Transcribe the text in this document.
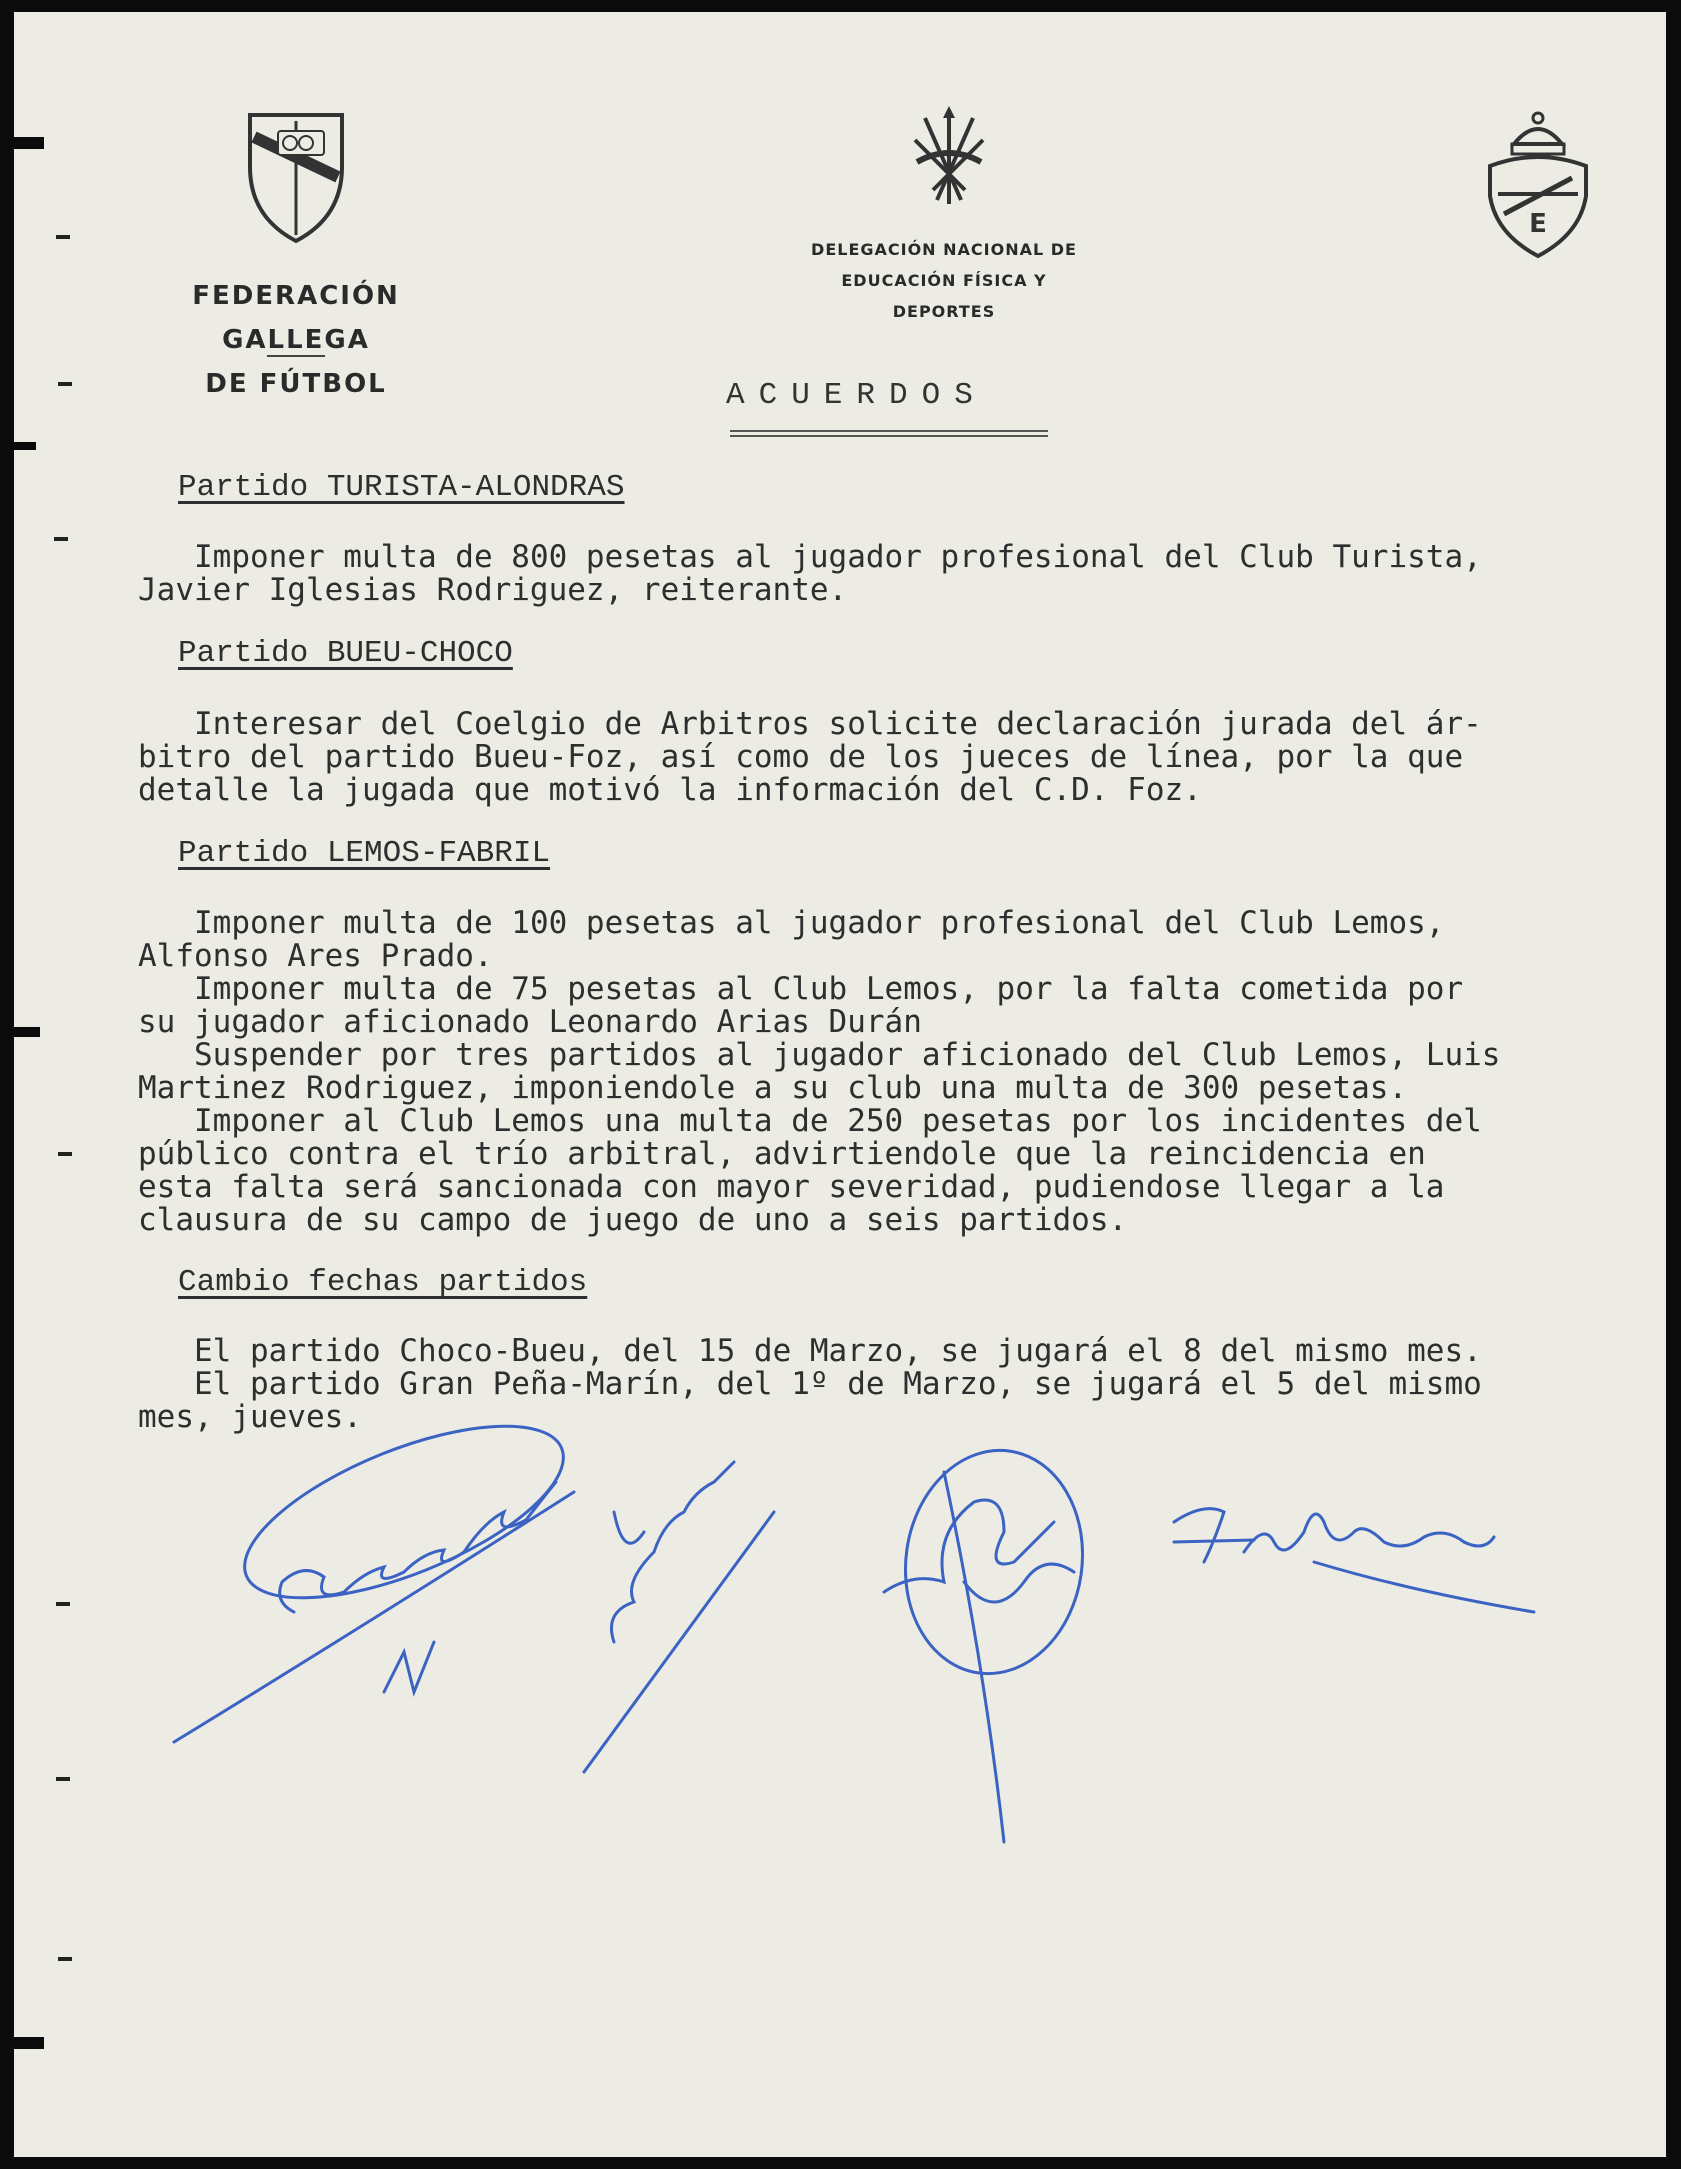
FEDERACIÓN GALLEGA
DE FÚTBOL
DELEGACIÓN NACIONAL DE
EDUCACIÓN FÍSICA Y DEPORTES
E
ACUERDOS
Partido TURISTA-ALONDRAS
Imponer multa de 800 pesetas al jugador profesional del Club Turista,
Javier Iglesias Rodriguez, reiterante.
Partido BUEU-CHOCO
Interesar del Coelgio de Arbitros solicite declaración jurada del ár-
bitro del partido Bueu-Foz, así como de los jueces de línea, por la que
detalle la jugada que motivó la información del C.D. Foz.
Partido LEMOS-FABRIL
Imponer multa de 100 pesetas al jugador profesional del Club Lemos,
Alfonso Ares Prado.
Imponer multa de 75 pesetas al Club Lemos, por la falta cometida por
su jugador aficionado Leonardo Arias Durán
Suspender por tres partidos al jugador aficionado del Club Lemos, Luis
Martinez Rodriguez, imponiendole a su club una multa de 300 pesetas.
Imponer al Club Lemos una multa de 250 pesetas por los incidentes del
público contra el trío arbitral, advirtiendole que la reincidencia en
esta falta será sancionada con mayor severidad, pudiendose llegar a la
clausura de su campo de juego de uno a seis partidos.
Cambio fechas partidos
El partido Choco-Bueu, del 15 de Marzo, se jugará el 8 del mismo mes.
El partido Gran Peña-Marín, del 1º de Marzo, se jugará el 5 del mismo
mes, jueves.
